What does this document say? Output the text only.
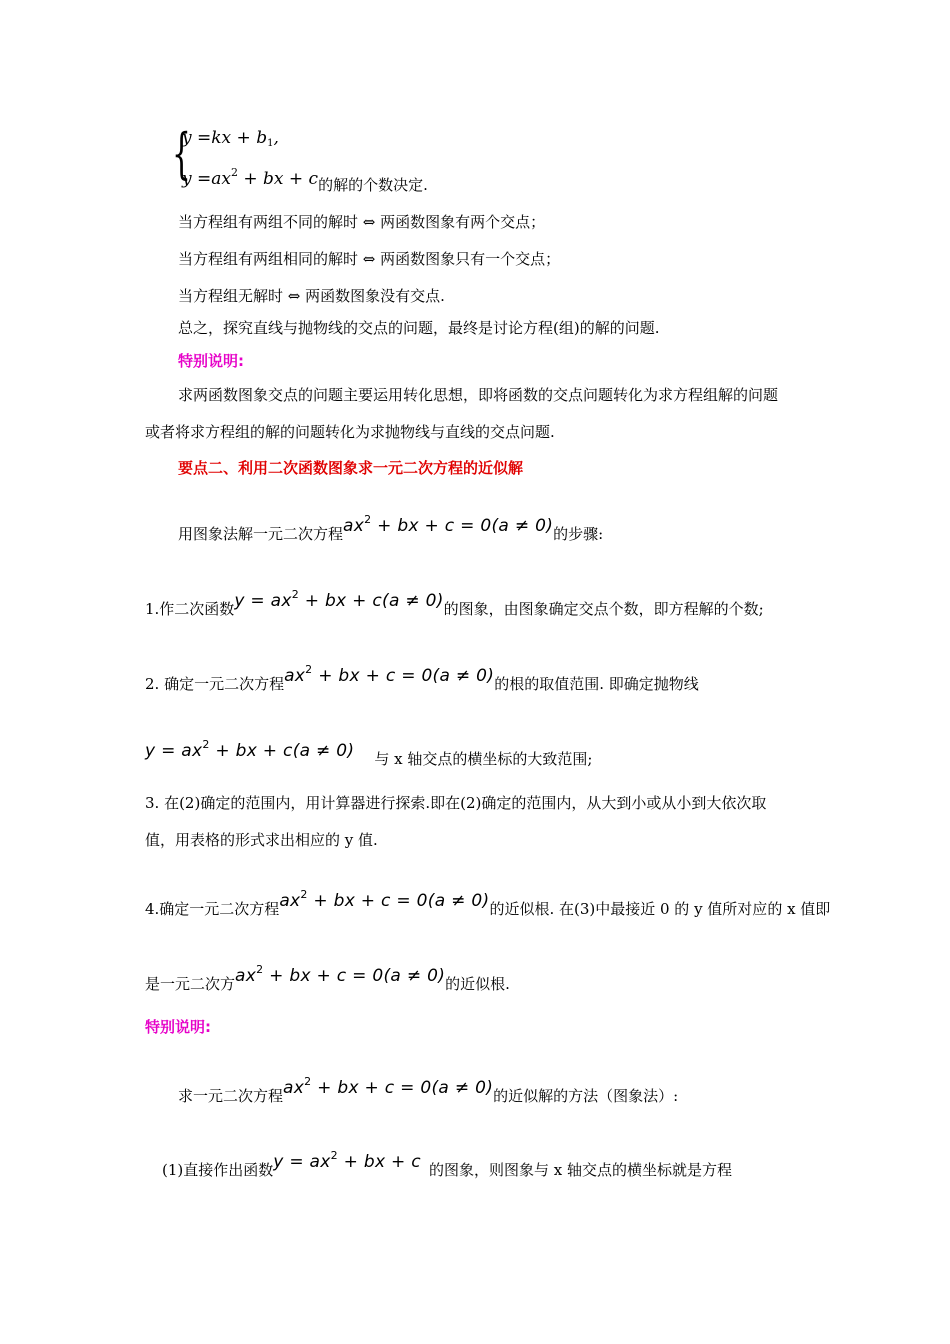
{
$y =kx + b_1$,
$y =ax^2$ + bx + c的解的个数决定.
当方程组有两组不同的解时 ⇔ 两函数图象有两个交点；
当方程组有两组相同的解时 ⇔ 两函数图象只有一个交点；
当方程组无解时 ⇔ 两函数图象没有交点.
总之，探究直线与抛物线的交点的问题，最终是讨论方程(组)的解的问题.
特别说明:
求两函数图象交点的问题主要运用转化思想，即将函数的交点问题转化为求方程组解的问题
或者将求方程组的解的问题转化为求抛物线与直线的交点问题.
要点二、利用二次函数图象求一元二次方程的近似解
用图象法解一元二次方程$ax^2$ + bx + c = 0(a ≠ 0)的步骤:
1.作二次函数$y = ax^2$ + bx + c(a ≠ 0)的图象，由图象确定交点个数，即方程解的个数;
2. 确定一元二次方程$ax^2$ + bx + c = 0(a ≠ 0)的根的取值范围. 即确定抛物线
$y = ax^2$ + bx + c(a ≠ 0) 与 x 轴交点的横坐标的大致范围;
3. 在(2)确定的范围内，用计算器进行探索.即在(2)确定的范围内，从大到小或从小到大依次取
值，用表格的形式求出相应的 y 值.
4.确定一元二次方程$ax^2$ + bx + c = 0(a ≠ 0)的近似根. 在(3)中最接近 0 的 y 值所对应的 x 值即
是一元二次方$ax^2$ + bx + c = 0(a ≠ 0)的近似根.
特别说明:
求一元二次方程$ax^2$ + bx + c = 0(a ≠ 0)的近似解的方法（图象法）:
(1)直接作出函数$y = ax^2$ + bx + c 的图象，则图象与 x 轴交点的横坐标就是方程
